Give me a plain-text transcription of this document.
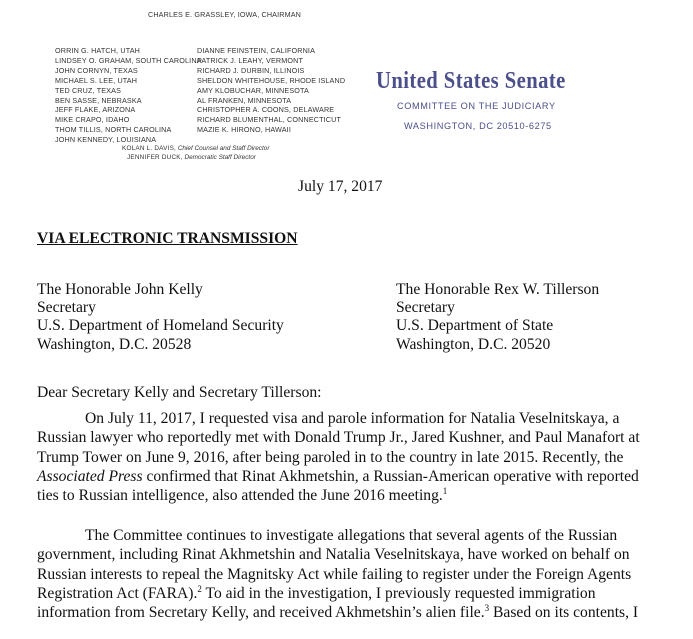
CHARLES E. GRASSLEY, IOWA, CHAIRMAN
ORRIN G. HATCH, UTAH
LINDSEY O. GRAHAM, SOUTH CAROLINA
JOHN CORNYN, TEXAS
MICHAEL S. LEE, UTAH
TED CRUZ, TEXAS
BEN SASSE, NEBRASKA
JEFF FLAKE, ARIZONA
MIKE CRAPO, IDAHO
THOM TILLIS, NORTH CAROLINA
JOHN KENNEDY, LOUISIANA
DIANNE FEINSTEIN, CALIFORNIA
PATRICK J. LEAHY, VERMONT
RICHARD J. DURBIN, ILLINOIS
SHELDON WHITEHOUSE, RHODE ISLAND
AMY KLOBUCHAR, MINNESOTA
AL FRANKEN, MINNESOTA
CHRISTOPHER A. COONS, DELAWARE
RICHARD BLUMENTHAL, CONNECTICUT
MAZIE K. HIRONO, HAWAII
KOLAN L. DAVIS, Chief Counsel and Staff Director
JENNIFER DUCK, Democratic Staff Director
United States Senate
COMMITTEE ON THE JUDICIARY
WASHINGTON, DC 20510-6275
July 17, 2017
VIA ELECTRONIC TRANSMISSION
The Honorable John Kelly
Secretary
U.S. Department of Homeland Security
Washington, D.C. 20528
The Honorable Rex W. Tillerson
Secretary
U.S. Department of State
Washington, D.C. 20520
Dear Secretary Kelly and Secretary Tillerson:
On July 11, 2017, I requested visa and parole information for Natalia Veselnitskaya, a
Russian lawyer who reportedly met with Donald Trump Jr., Jared Kushner, and Paul Manafort at
Trump Tower on June 9, 2016, after being paroled in to the country in late 2015. Recently, the
Associated Press confirmed that Rinat Akhmetshin, a Russian-American operative with reported
ties to Russian intelligence, also attended the June 2016 meeting.$^1$
The Committee continues to investigate allegations that several agents of the Russian
government, including Rinat Akhmetshin and Natalia Veselnitskaya, have worked on behalf on
Russian interests to repeal the Magnitsky Act while failing to register under the Foreign Agents
Registration Act (FARA).$^2$ To aid in the investigation, I previously requested immigration
information from Secretary Kelly, and received Akhmetshin’s alien file.$^3$ Based on its contents, I
